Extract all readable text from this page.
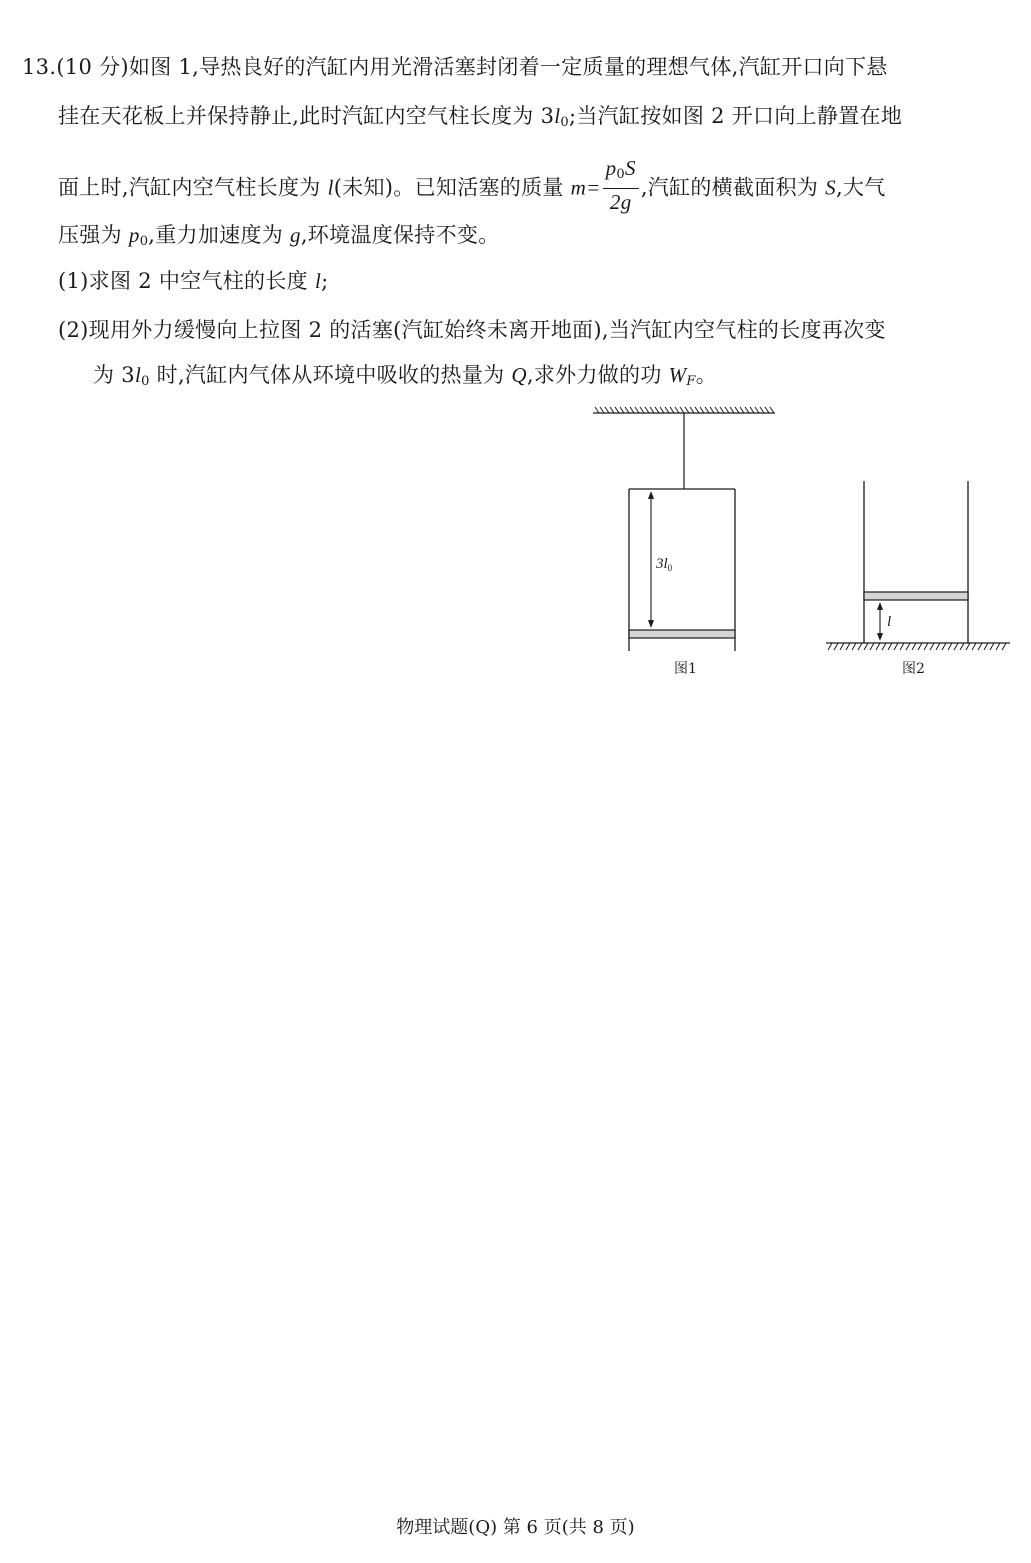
13.(10 分)如图 1,导热良好的汽缸内用光滑活塞封闭着一定质量的理想气体,汽缸开口向下悬
挂在天花板上并保持静止,此时汽缸内空气柱长度为 $3l_0$;当汽缸按如图 2 开口向上静置在地
面上时,汽缸内空气柱长度为 l(未知)。已知活塞的质量 $m= \frac{p_0S}{2g}$ ,汽缸的横截面积为 S,大气
压强为 $p_0$,重力加速度为 g,环境温度保持不变。
(1)求图 2 中空气柱的长度 l;
(2)现用外力缓慢向上拉图 2 的活塞(汽缸始终未离开地面),当汽缸内空气柱的长度再次变
为 $3l_0$ 时,汽缸内气体从环境中吸收的热量为 Q,求外力做的功 WF。
$3l_0$
图1
l
图2
物理试题(Q) 第 6 页(共 8 页)
